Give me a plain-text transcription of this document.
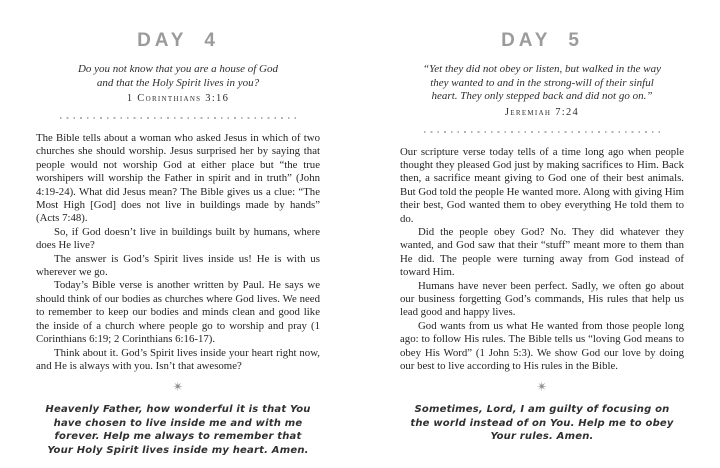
DAY 4
Do you not know that you are a house of God
and that the Holy Spirit lives in you?
1 Corinthians 3:16

The Bible tells about a woman who asked Jesus in which of two churches she should worship. Jesus surprised her by saying that people would not worship God at either place but “the true worshipers will worship the Father in spirit and in truth” (John 4:19-24). What did Jesus mean? The Bible gives us a clue: “The Most High [God] does not live in buildings made by hands” (Acts 7:48).

So, if God doesn’t live in buildings built by humans, where does He live?

The answer is God’s Spirit lives inside us! He is with us wherever we go.

Today’s Bible verse is another written by Paul. He says we should think of our bodies as churches where God lives. We need to remember to keep our bodies and minds clean and good like the inside of a church where people go to worship and pray (1 Corinthians 6:19; 2 Corinthians 6:16-17).

Think about it. God’s Spirit lives inside your heart right now, and He is always with you. Isn’t that awesome?

✴
Heavenly Father, how wonderful it is that You have chosen to live inside me and with me forever. Help me always to remember that Your Holy Spirit lives inside my heart. Amen.
DAY 5
“Yet they did not obey or listen, but walked in the way
they wanted to and in the strong-will of their sinful
heart. They only stepped back and did not go on.”
Jeremiah 7:24

Our scripture verse today tells of a time long ago when people thought they pleased God just by making sacrifices to Him. Back then, a sacrifice meant giving to God one of their best animals. But God told the people He wanted more. Along with giving Him their best, God wanted them to obey everything He told them to do.

Did the people obey God? No. They did whatever they wanted, and God saw that their “stuff” meant more to them than He did. The people were turning away from God instead of toward Him.

Humans have never been perfect. Sadly, we often go about our business forgetting God’s commands, His rules that help us lead good and happy lives.

God wants from us what He wanted from those people long ago: to follow His rules. The Bible tells us “loving God means to obey His Word” (1 John 5:3). We show God our love by doing our best to live according to His rules in the Bible.

✴
Sometimes, Lord, I am guilty of focusing on the world instead of on You. Help me to obey Your rules. Amen.
